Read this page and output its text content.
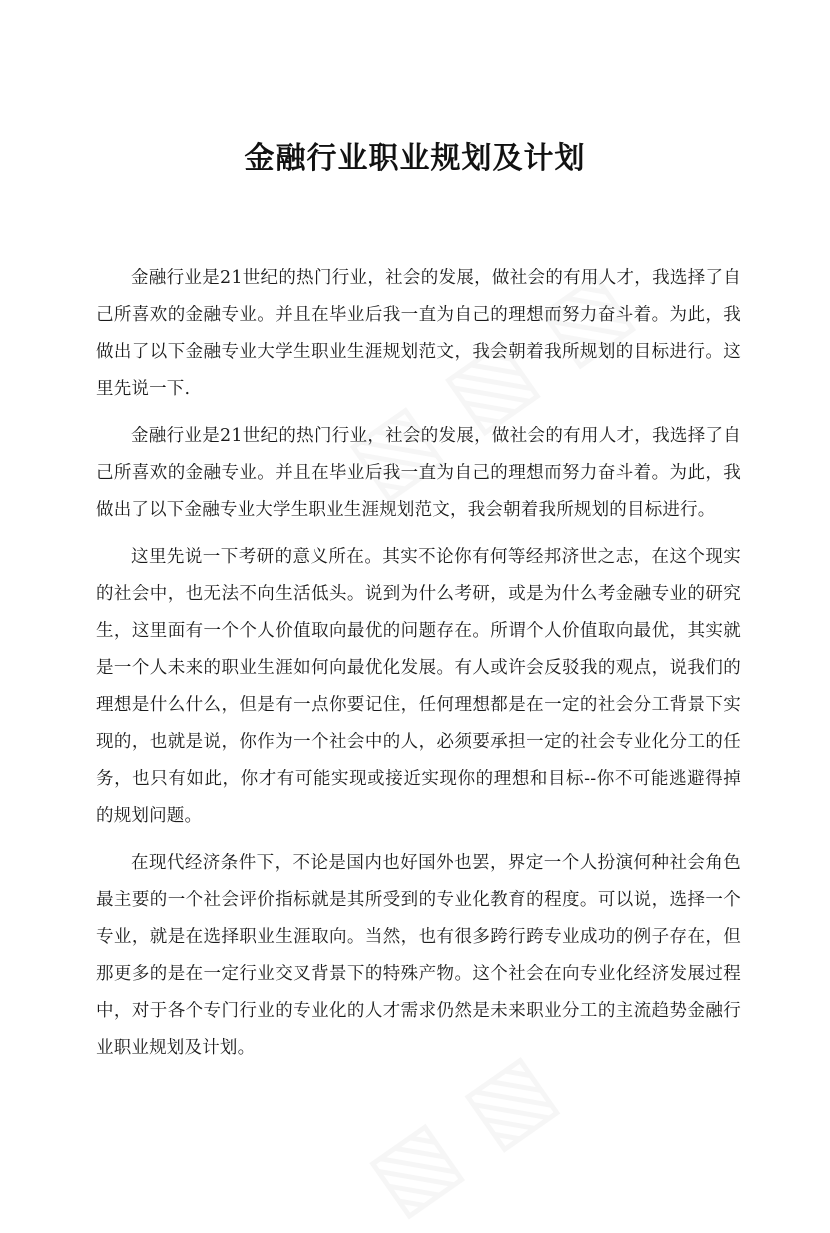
金融行业职业规划及计划

金融行业是21世纪的热门行业，社会的发展，做社会的有用人才，我选择了自己所喜欢的金融专业。并且在毕业后我一直为自己的理想而努力奋斗着。为此，我做出了以下金融专业大学生职业生涯规划范文，我会朝着我所规划的目标进行。这里先说一下.

金融行业是21世纪的热门行业，社会的发展，做社会的有用人才，我选择了自己所喜欢的金融专业。并且在毕业后我一直为自己的理想而努力奋斗着。为此，我做出了以下金融专业大学生职业生涯规划范文，我会朝着我所规划的目标进行。

这里先说一下考研的意义所在。其实不论你有何等经邦济世之志，在这个现实的社会中，也无法不向生活低头。说到为什么考研，或是为什么考金融专业的研究生，这里面有一个个人价值取向最优的问题存在。所谓个人价值取向最优，其实就是一个人未来的职业生涯如何向最优化发展。有人或许会反驳我的观点，说我们的理想是什么什么，但是有一点你要记住，任何理想都是在一定的社会分工背景下实现的，也就是说，你作为一个社会中的人，必须要承担一定的社会专业化分工的任务，也只有如此，你才有可能实现或接近实现你的理想和目标--你不可能逃避得掉的规划问题。

在现代经济条件下，不论是国内也好国外也罢，界定一个人扮演何种社会角色最主要的一个社会评价指标就是其所受到的专业化教育的程度。可以说，选择一个专业，就是在选择职业生涯取向。当然，也有很多跨行跨专业成功的例子存在，但那更多的是在一定行业交叉背景下的特殊产物。这个社会在向专业化经济发展过程中，对于各个专门行业的专业化的人才需求仍然是未来职业分工的主流趋势金融行业职业规划及计划。
